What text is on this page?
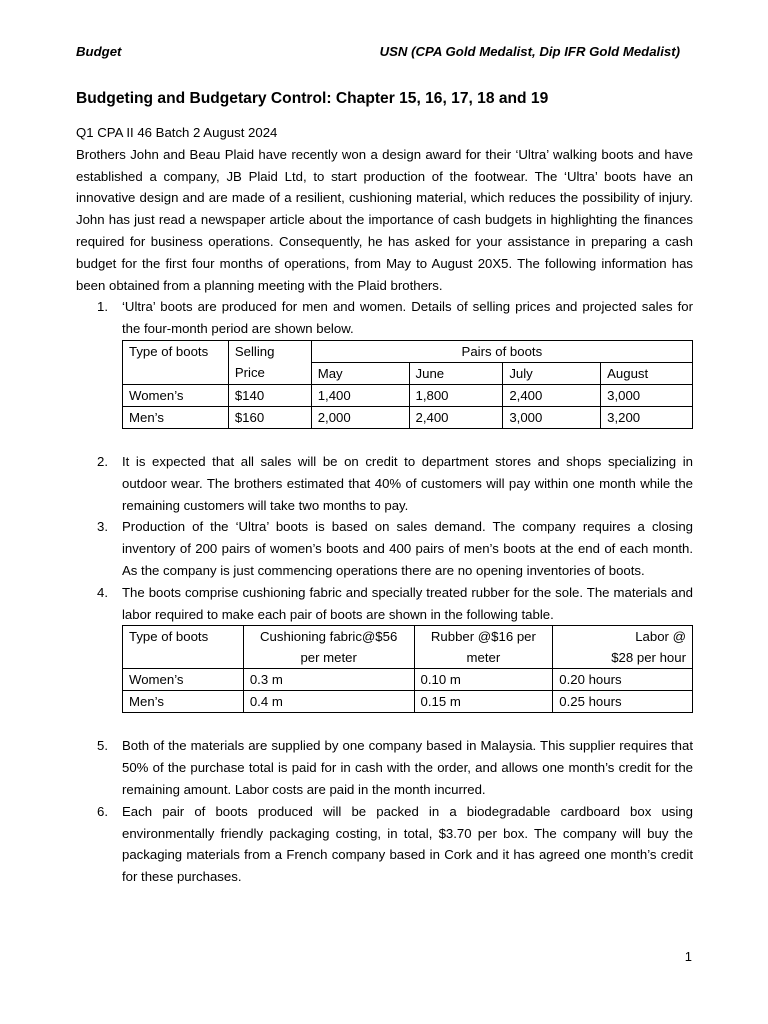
Budget	USN (CPA Gold Medalist, Dip IFR Gold Medalist)
Budgeting and Budgetary Control: Chapter 15, 16, 17, 18 and 19

Q1 CPA II 46 Batch 2 August 2024

Brothers John and Beau Plaid have recently won a design award for their ‘Ultra’ walking boots and have established a company, JB Plaid Ltd, to start production of the footwear. The ‘Ultra’ boots have an innovative design and are made of a resilient, cushioning material, which reduces the possibility of injury. John has just read a newspaper article about the importance of cash budgets in highlighting the finances required for business operations. Consequently, he has asked for your assistance in preparing a cash budget for the first four months of operations, from May to August 20X5. The following information has been obtained from a planning meeting with the Plaid brothers.

1. ‘Ultra’ boots are produced for men and women. Details of selling prices and projected sales for the four-month period are shown below.
Type of boots	Selling	Pairs of boots			
	Price	May	June	July	August
Women’s	$140	1,400	1,800	2,400	3,000
Men’s	$160	2,000	2,400	3,000	3,200
2. It is expected that all sales will be on credit to department stores and shops specializing in outdoor wear. The brothers estimated that 40% of customers will pay within one month while the remaining customers will take two months to pay.
3. Production of the ‘Ultra’ boots is based on sales demand. The company requires a closing inventory of 200 pairs of women’s boots and 400 pairs of men’s boots at the end of each month. As the company is just commencing operations there are no opening inventories of boots.
4. The boots comprise cushioning fabric and specially treated rubber for the sole. The materials and labor required to make each pair of boots are shown in the following table.
Type of boots	Cushioning fabric@$56	Rubber @$16 per	Labor @
	per meter	meter	$28 per hour
Women’s	0.3 m	0.10 m	0.20 hours
Men’s	0.4 m	0.15 m	0.25 hours
5. Both of the materials are supplied by one company based in Malaysia. This supplier requires that 50% of the purchase total is paid for in cash with the order, and allows one month’s credit for the remaining amount. Labor costs are paid in the month incurred.
6. Each pair of boots produced will be packed in a biodegradable cardboard box using environmentally friendly packaging costing, in total, $3.70 per box. The company will buy the packaging materials from a French company based in Cork and it has agreed one month’s credit for these purchases.
1
